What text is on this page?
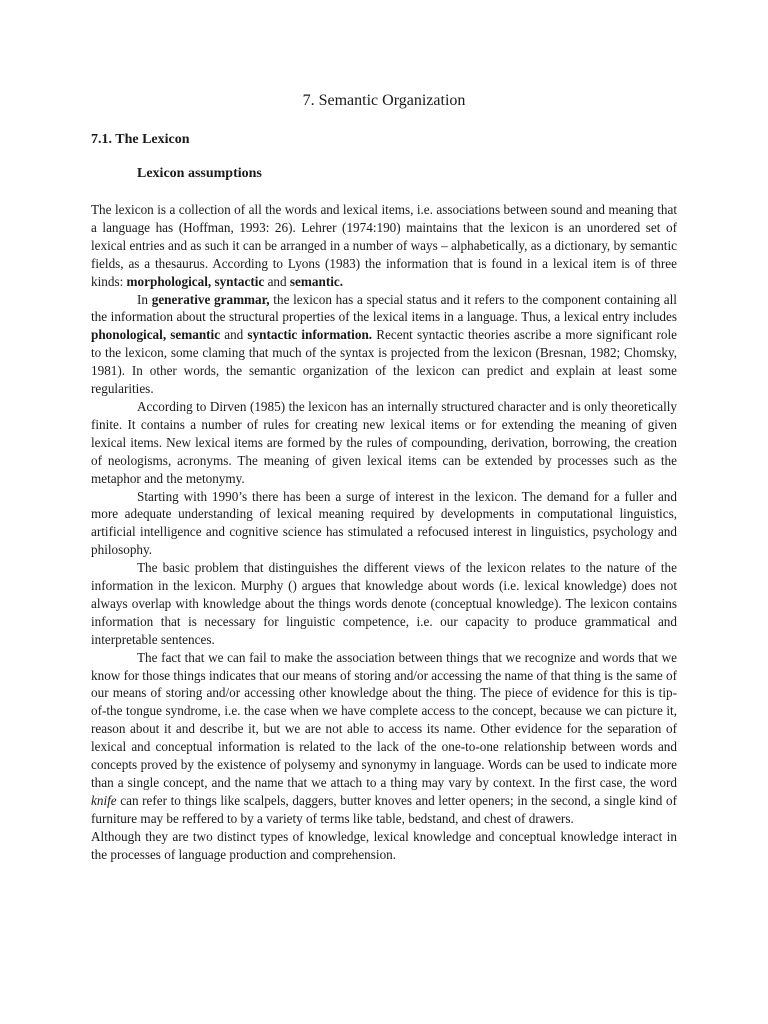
7. Semantic Organization
7.1. The Lexicon
Lexicon assumptions

The lexicon is a collection of all the words and lexical items, i.e. associations between sound and meaning that a language has (Hoffman, 1993: 26). Lehrer (1974:190) maintains that the lexicon is an unordered set of lexical entries and as such it can be arranged in a number of ways – alphabetically, as a dictionary, by semantic fields, as a thesaurus. According to Lyons (1983) the information that is found in a lexical item is of three kinds: morphological, syntactic and semantic.

In generative grammar, the lexicon has a special status and it refers to the component containing all the information about the structural properties of the lexical items in a language. Thus, a lexical entry includes phonological, semantic and syntactic information. Recent syntactic theories ascribe a more significant role to the lexicon, some claming that much of the syntax is projected from the lexicon (Bresnan, 1982; Chomsky, 1981). In other words, the semantic organization of the lexicon can predict and explain at least some regularities.

According to Dirven (1985) the lexicon has an internally structured character and is only theoretically finite. It contains a number of rules for creating new lexical items or for extending the meaning of given lexical items. New lexical items are formed by the rules of compounding, derivation, borrowing, the creation of neologisms, acronyms. The meaning of given lexical items can be extended by processes such as the metaphor and the metonymy.

Starting with 1990’s there has been a surge of interest in the lexicon. The demand for a fuller and more adequate understanding of lexical meaning required by developments in computational linguistics, artificial intelligence and cognitive science has stimulated a refocused interest in linguistics, psychology and philosophy.

The basic problem that distinguishes the different views of the lexicon relates to the nature of the information in the lexicon. Murphy () argues that knowledge about words (i.e. lexical knowledge) does not always overlap with knowledge about the things words denote (conceptual knowledge). The lexicon contains information that is necessary for linguistic competence, i.e. our capacity to produce grammatical and interpretable sentences.

The fact that we can fail to make the association between things that we recognize and words that we know for those things indicates that our means of storing and/or accessing the name of that thing is the same of our means of storing and/or accessing other knowledge about the thing. The piece of evidence for this is tip-of-the tongue syndrome, i.e. the case when we have complete access to the concept, because we can picture it, reason about it and describe it, but we are not able to access its name. Other evidence for the separation of lexical and conceptual information is related to the lack of the one-to-one relationship between words and concepts proved by the existence of polysemy and synonymy in language. Words can be used to indicate more than a single concept, and the name that we attach to a thing may vary by context. In the first case, the word knife can refer to things like scalpels, daggers, butter knoves and letter openers; in the second, a single kind of furniture may be reffered to by a variety of terms like table, bedstand, and chest of drawers.

Although they are two distinct types of knowledge, lexical knowledge and conceptual knowledge interact in the processes of language production and comprehension.
